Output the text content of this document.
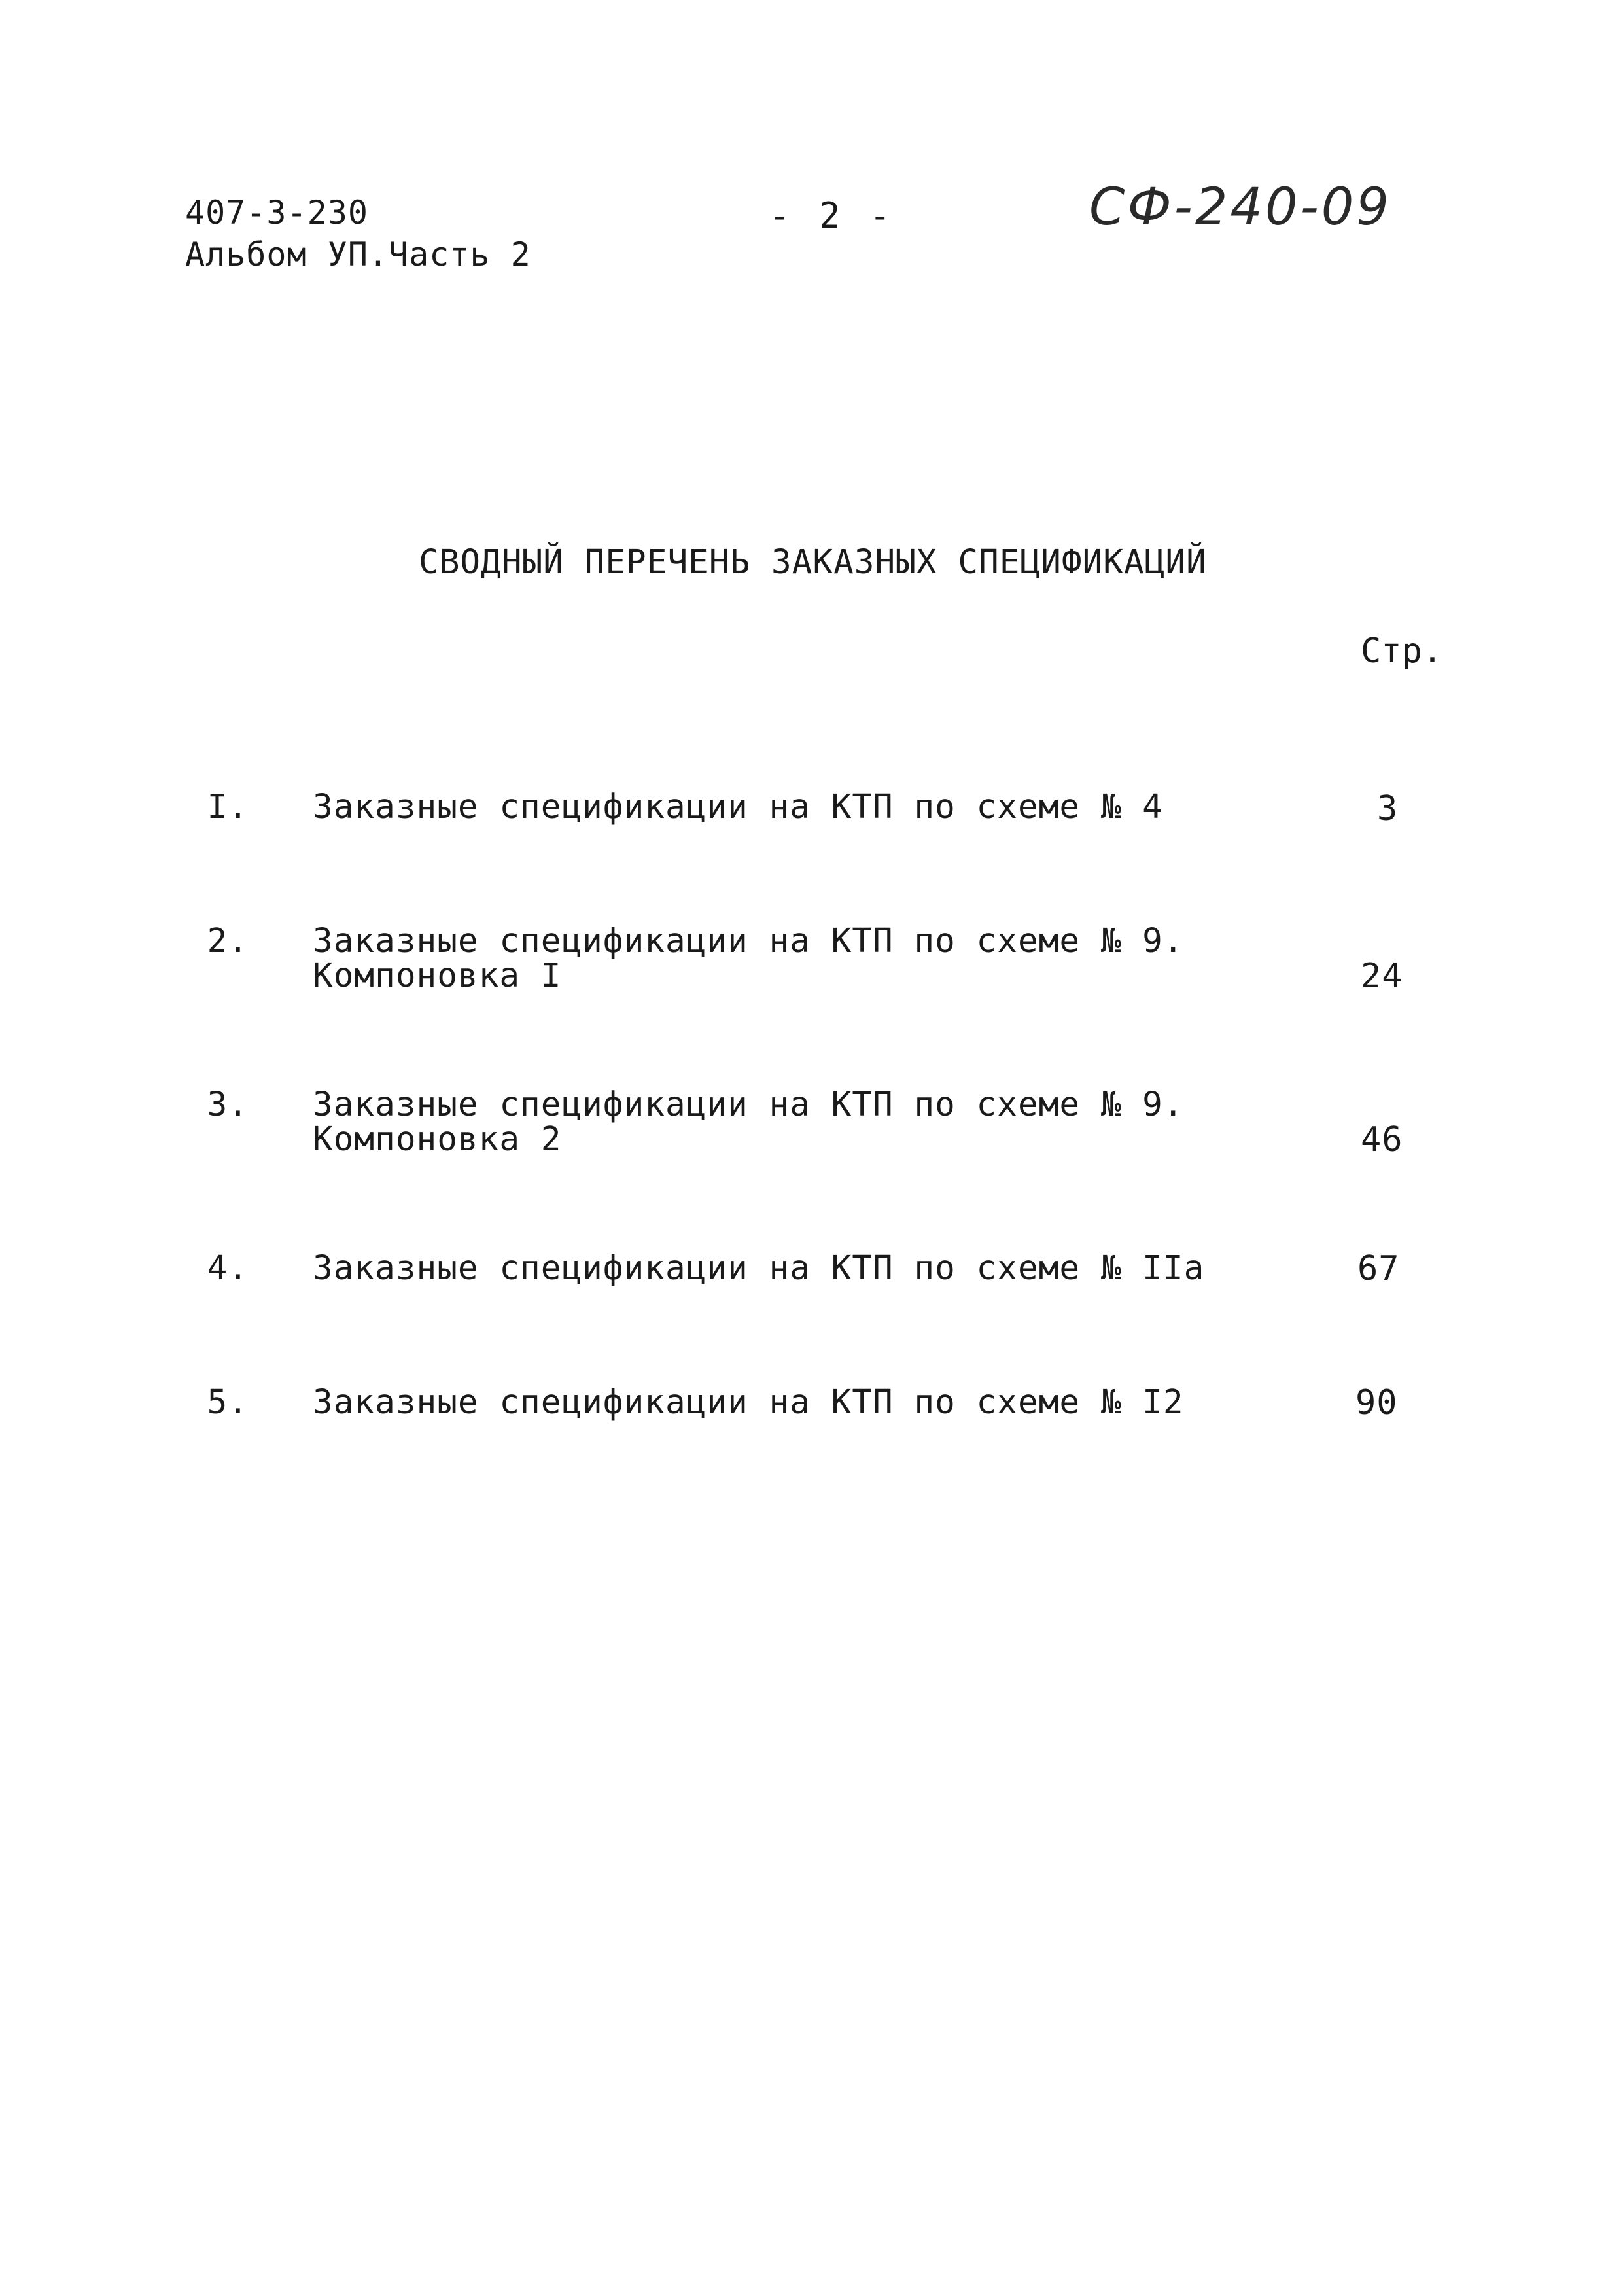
407-3-230
Альбом УП.Часть 2
- 2 -	СФ-240-09
СВОДНЫЙ ПЕРЕЧЕНЬ ЗАКАЗНЫХ СПЕЦИФИКАЦИЙ
Стр.
I. Заказные спецификации на КТП по схеме № 4	3
2. Заказные спецификации на КТП по схеме № 9.
Компоновка I	24
3. Заказные спецификации на КТП по схеме № 9.
Компоновка 2	46
4. Заказные спецификации на КТП по схеме № IIа	67
5. Заказные спецификации на КТП по схеме № I2	90
